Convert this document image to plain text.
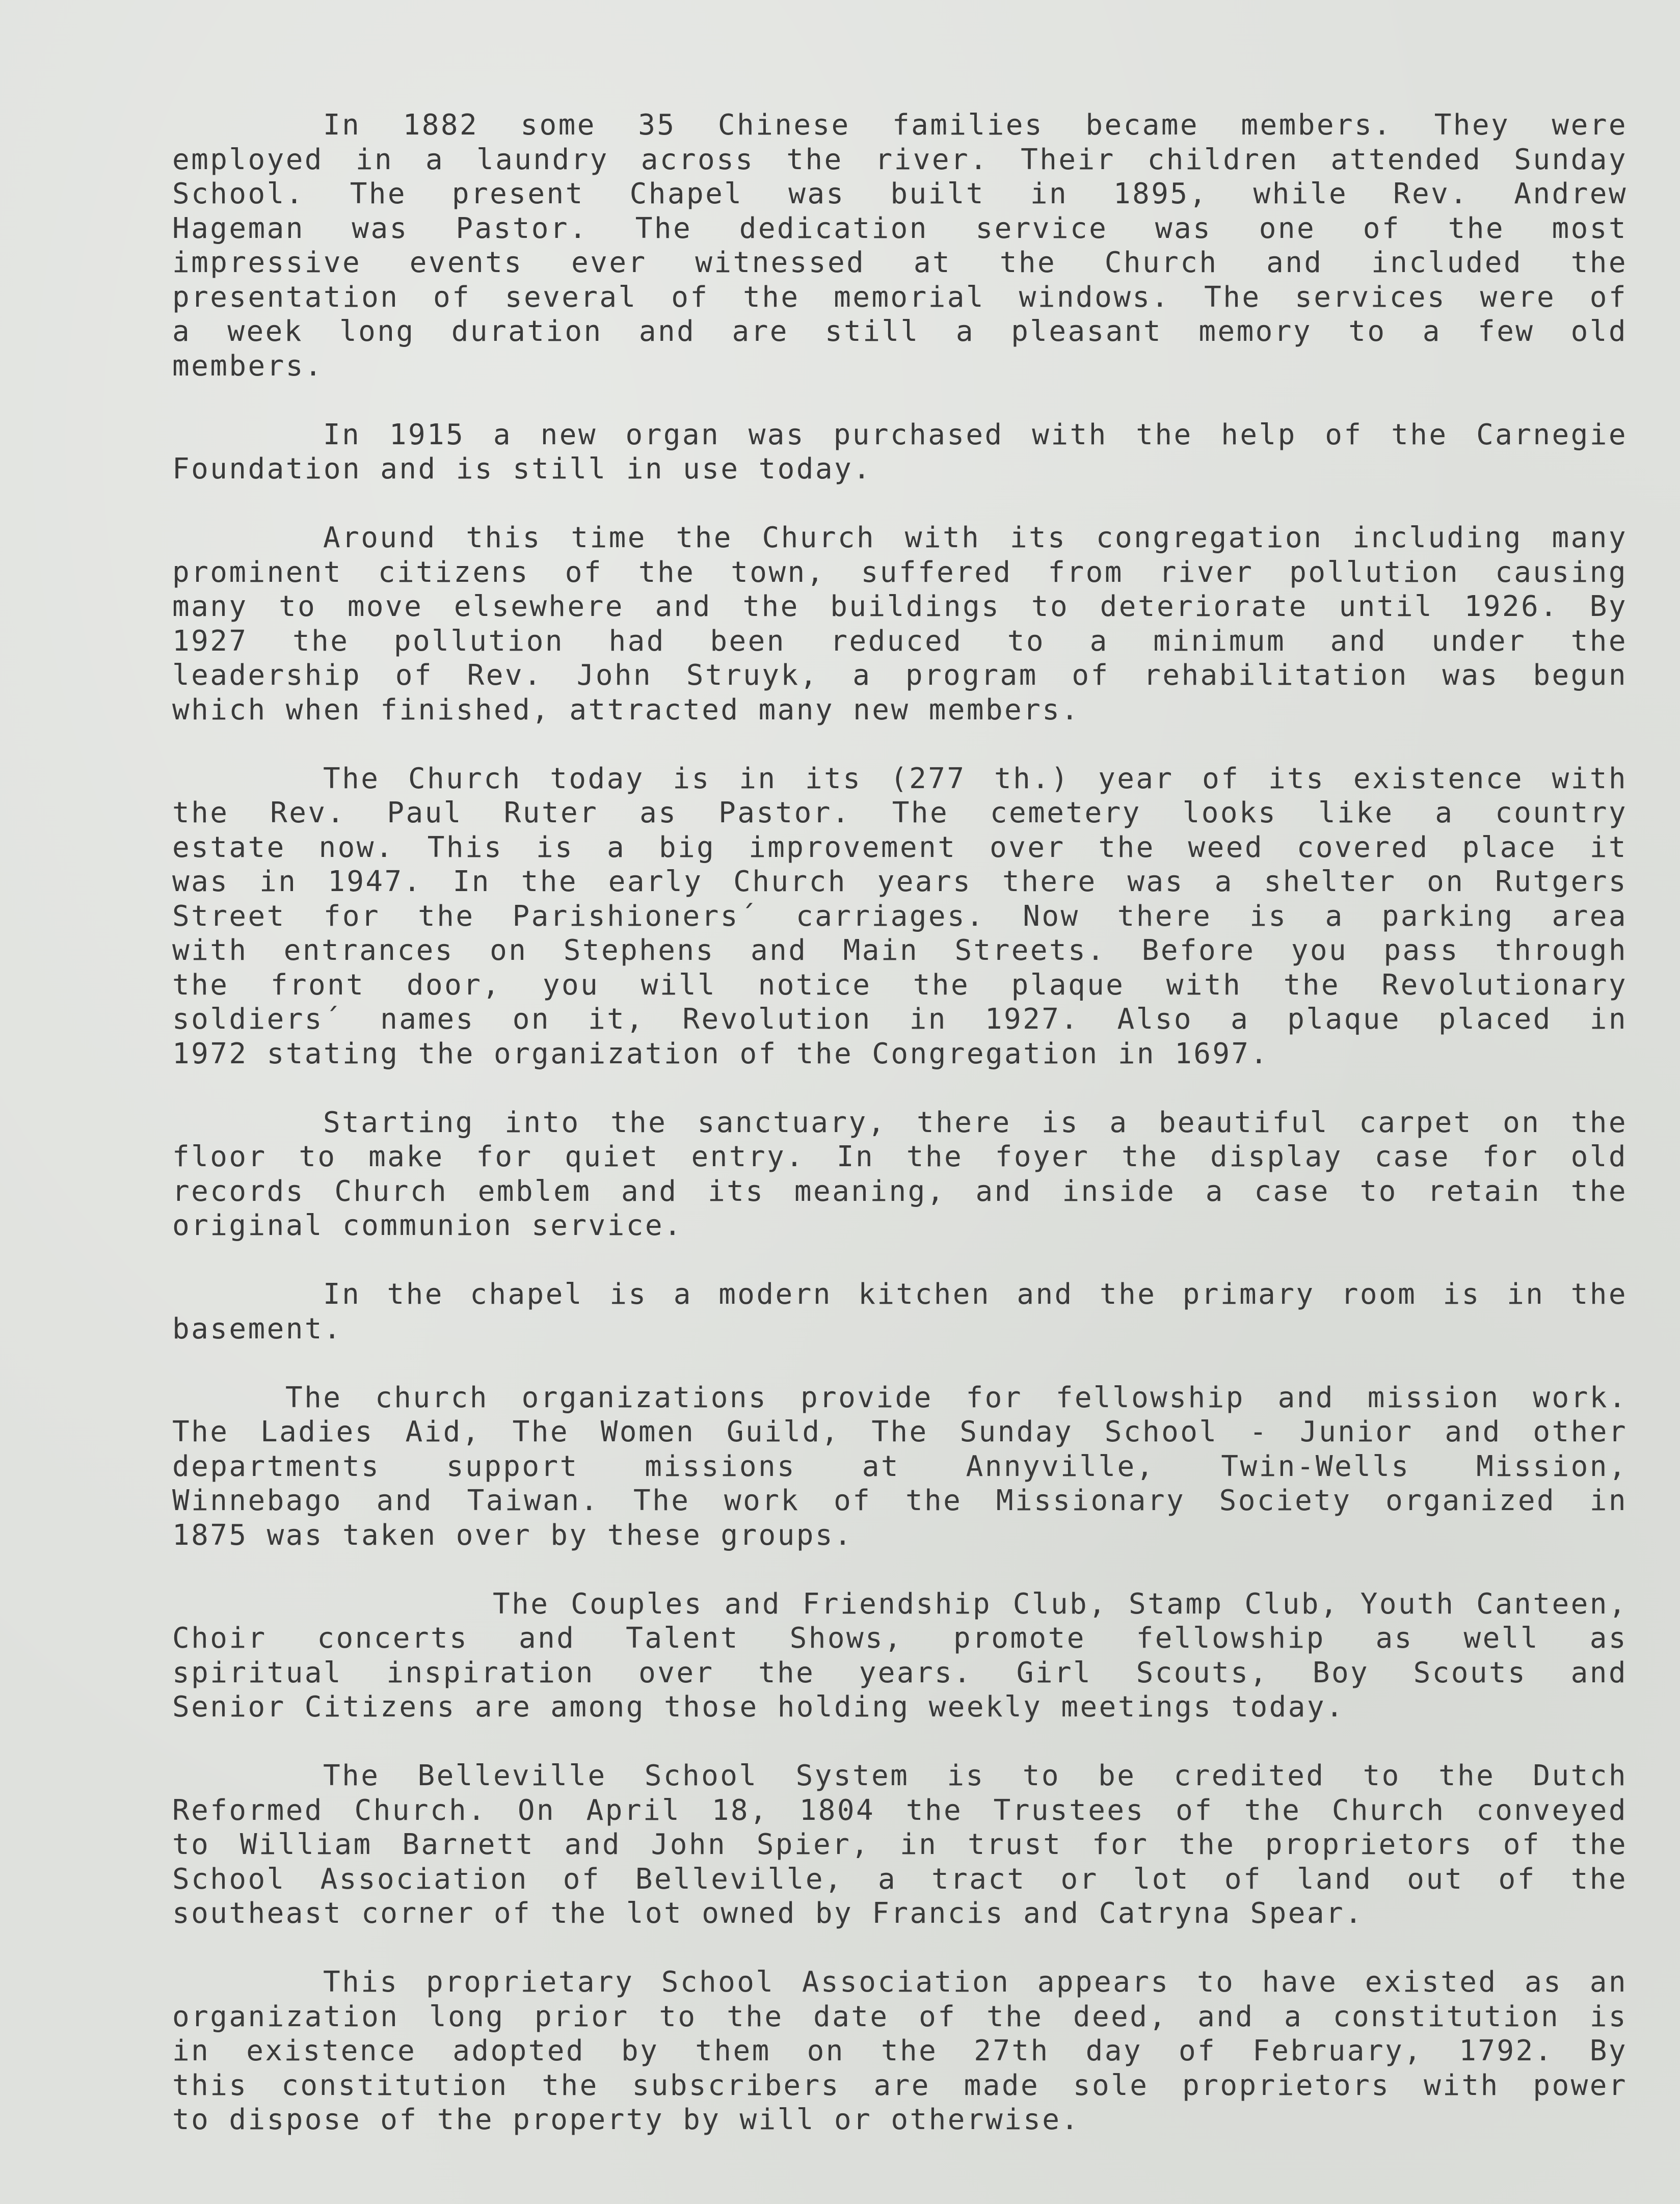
In 1882 some 35 Chinese families became members. They were
employed in a laundry across the river. Their children attended Sunday
School. The present Chapel was built in 1895, while Rev. Andrew
Hageman was Pastor. The dedication service was one of the most
impressive events ever witnessed at the Church and included the
presentation of several of the memorial windows. The services were of
a week long duration and are still a pleasant memory to a few old
members.
In 1915 a new organ was purchased with the help of the Carnegie
Foundation and is still in use today.
Around this time the Church with its congregation including many
prominent citizens of the town, suffered from river pollution causing
many to move elsewhere and the buildings to deteriorate until 1926. By
1927 the pollution had been reduced to a minimum and under the
leadership of Rev. John Struyk, a program of rehabilitation was begun
which when finished, attracted many new members.
The Church today is in its (277 th.) year of its existence with
the Rev. Paul Ruter as Pastor. The cemetery looks like a country
estate now. This is a big improvement over the weed covered place it
was in 1947. In the early Church years there was a shelter on Rutgers
Street for the Parishioners´ carriages. Now there is a parking area
with entrances on Stephens and Main Streets. Before you pass through
the front door, you will notice the plaque with the Revolutionary
soldiers´ names on it, Revolution in 1927. Also a plaque placed in
1972 stating the organization of the Congregation in 1697.
Starting into the sanctuary, there is a beautiful carpet on the
floor to make for quiet entry. In the foyer the display case for old
records Church emblem and its meaning, and inside a case to retain the
original communion service.
In the chapel is a modern kitchen and the primary room is in the
basement.
The church organizations provide for fellowship and mission work.
The Ladies Aid, The Women Guild, The Sunday School - Junior and other
departments support missions at Annyville, Twin-Wells Mission,
Winnebago and Taiwan. The work of the Missionary Society organized in
1875 was taken over by these groups.
The Couples and Friendship Club, Stamp Club, Youth Canteen,
Choir concerts and Talent Shows, promote fellowship as well as
spiritual inspiration over the years. Girl Scouts, Boy Scouts and
Senior Citizens are among those holding weekly meetings today.
The Belleville School System is to be credited to the Dutch
Reformed Church. On April 18, 1804 the Trustees of the Church conveyed
to William Barnett and John Spier, in trust for the proprietors of the
School Association of Belleville, a tract or lot of land out of the
southeast corner of the lot owned by Francis and Catryna Spear.
This proprietary School Association appears to have existed as an
organization long prior to the date of the deed, and a constitution is
in existence adopted by them on the 27th day of February, 1792. By
this constitution the subscribers are made sole proprietors with power
to dispose of the property by will or otherwise.
